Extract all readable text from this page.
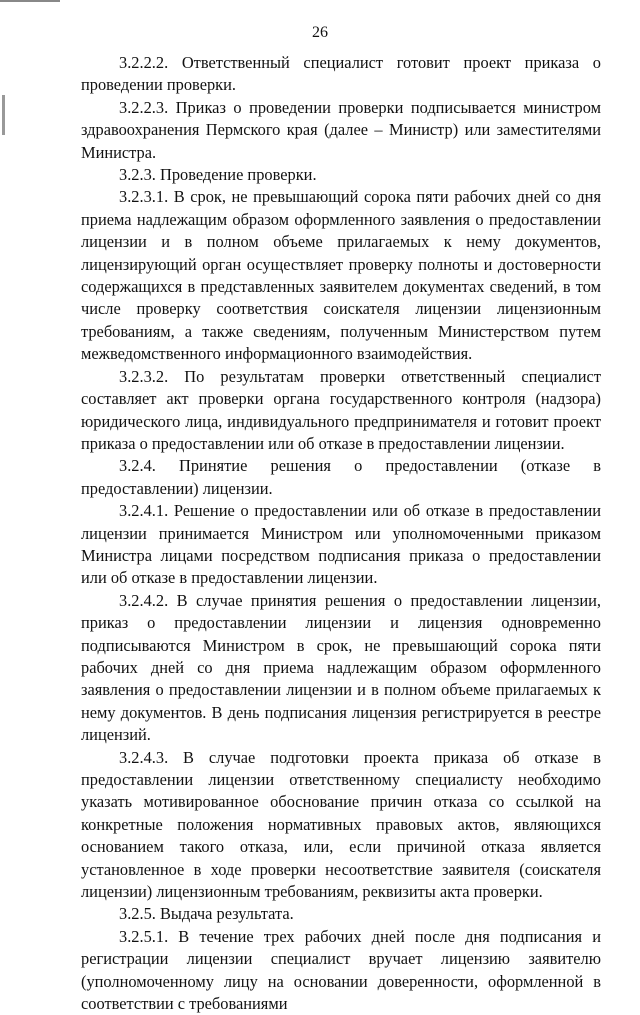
26

3.2.2.2. Ответственный специалист готовит проект приказа о проведении проверки.

3.2.2.3. Приказ о проведении проверки подписывается министром здравоохранения Пермского края (далее – Министр) или заместителями Министра.

3.2.3. Проведение проверки.

3.2.3.1. В срок, не превышающий сорока пяти рабочих дней со дня приема надлежащим образом оформленного заявления о предоставлении лицензии и в полном объеме прилагаемых к нему документов, лицензирующий орган осуществляет проверку полноты и достоверности содержащихся в представленных заявителем документах сведений, в том числе проверку соответствия соискателя лицензии лицензионным требованиям, а также сведениям, полученным Министерством путем межведомственного информационного взаимодействия.

3.2.3.2. По результатам проверки ответственный специалист составляет акт проверки органа государственного контроля (надзора) юридического лица, индивидуального предпринимателя и готовит проект приказа о предоставлении или об отказе в предоставлении лицензии.

3.2.4. Принятие решения о предоставлении (отказе в предоставлении) лицензии.

3.2.4.1. Решение о предоставлении или об отказе в предоставлении лицензии принимается Министром или уполномоченными приказом Министра лицами посредством подписания приказа о предоставлении или об отказе в предоставлении лицензии.

3.2.4.2. В случае принятия решения о предоставлении лицензии, приказ о предоставлении лицензии и лицензия одновременно подписываются Министром в срок, не превышающий сорока пяти рабочих дней со дня приема надлежащим образом оформленного заявления о предоставлении лицензии и в полном объеме прилагаемых к нему документов. В день подписания лицензия регистрируется в реестре лицензий.

3.2.4.3. В случае подготовки проекта приказа об отказе в предоставлении лицензии ответственному специалисту необходимо указать мотивированное обоснование причин отказа со ссылкой на конкретные положения нормативных правовых актов, являющихся основанием такого отказа, или, если причиной отказа является установленное в ходе проверки несоответствие заявителя (соискателя лицензии) лицензионным требованиям, реквизиты акта проверки.

3.2.5. Выдача результата.

3.2.5.1. В течение трех рабочих дней после дня подписания и регистрации лицензии специалист вручает лицензию заявителю (уполномоченному лицу на основании доверенности, оформленной в соответствии с требованиями
